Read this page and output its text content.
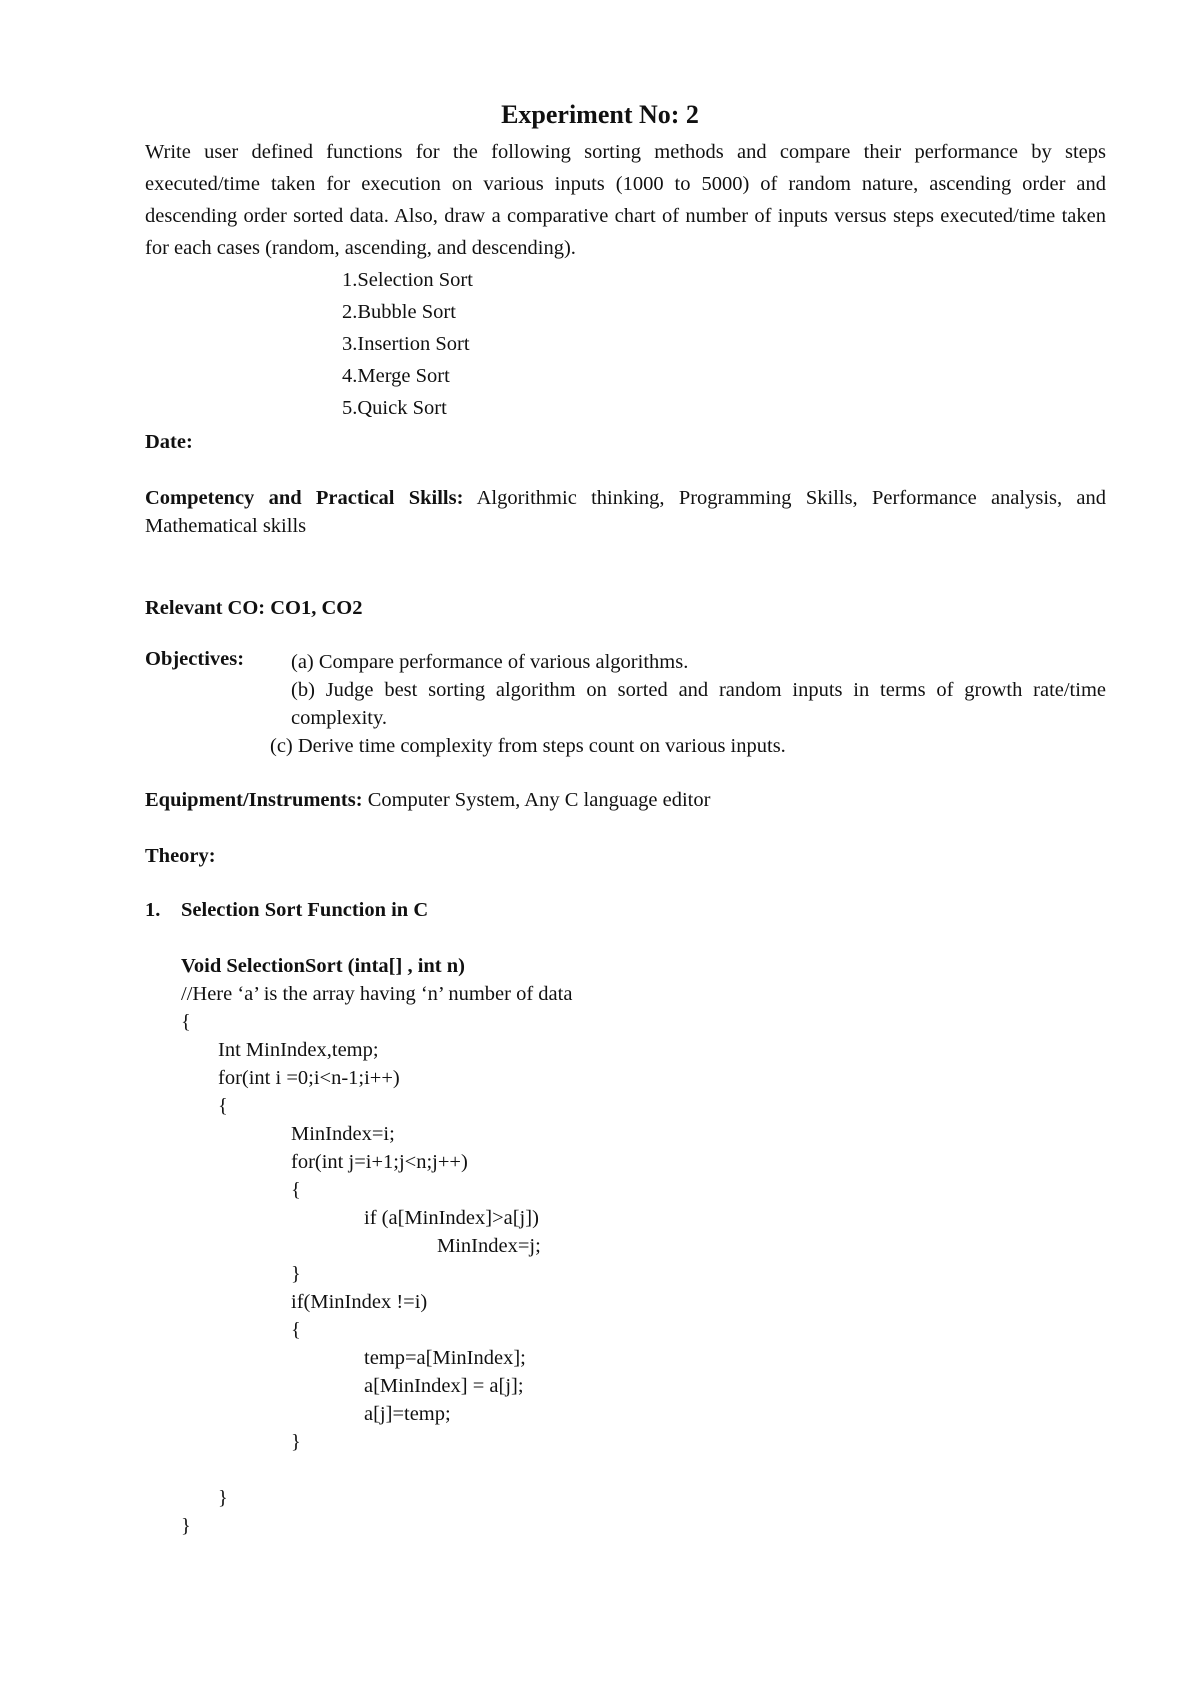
Experiment No: 2
Write user defined functions for the following sorting methods and compare their performance by steps executed/time taken for execution on various inputs (1000 to 5000) of random nature, ascending order and descending order sorted data. Also, draw a comparative chart of number of inputs versus steps executed/time taken for each cases (random, ascending, and descending).
1.Selection Sort
2.Bubble Sort
3.Insertion Sort
4.Merge Sort
5.Quick Sort
Date:
Competency and Practical Skills: Algorithmic thinking, Programming Skills, Performance analysis, and Mathematical skills
Relevant CO: CO1, CO2
Objectives: (a) Compare performance of various algorithms.
(b) Judge best sorting algorithm on sorted and random inputs in terms of growth rate/time complexity.
(c) Derive time complexity from steps count on various inputs.
Equipment/Instruments: Computer System, Any C language editor
Theory:
1. Selection Sort Function in C
Void SelectionSort (inta[] , int n)
//Here ‘a’ is the array having ‘n’ number of data
{
Int MinIndex,temp;
for(int i =0;i<n-1;i++)
{
MinIndex=i;
for(int j=i+1;j<n;j++)
{
if (a[MinIndex]>a[j])
MinIndex=j;
}
if(MinIndex !=i)
{
temp=a[MinIndex];
a[MinIndex] = a[j];
a[j]=temp;
}
}
}
